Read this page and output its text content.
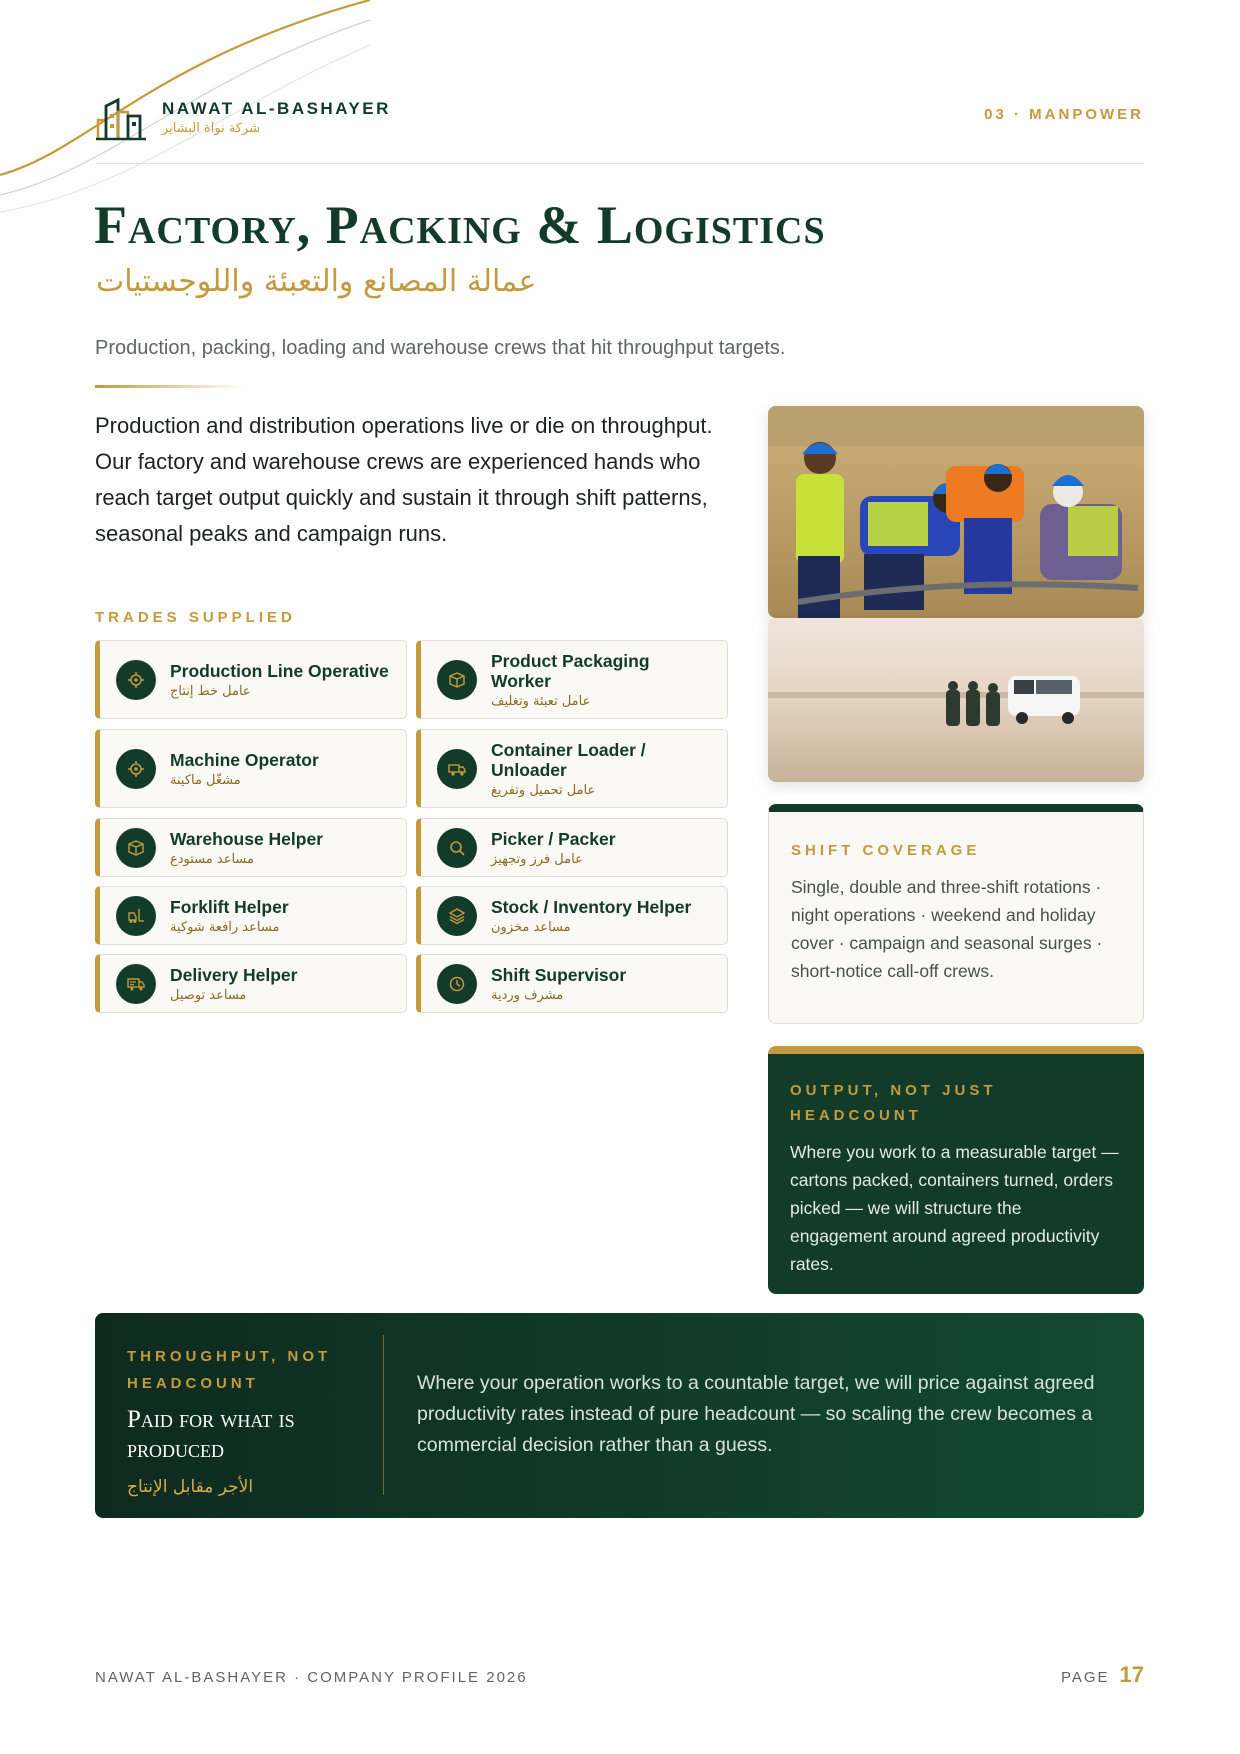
NAWAT AL-BASHAYER
شركة نواة البشاير
03 · MANPOWER
Factory, Packing & Logistics
عمالة المصانع والتعبئة واللوجستيات
Production, packing, loading and warehouse crews that hit throughput targets.

Production and distribution operations live or die on throughput. Our factory and warehouse crews are experienced hands who reach target output quickly and sustain it through shift patterns, seasonal peaks and campaign runs.

TRADES SUPPLIED
Production Line Operative
عامل خط إنتاج
Product Packaging Worker
عامل تعبئة وتغليف
Machine Operator
مشغّل ماكينة
Container Loader / Unloader
عامل تحميل وتفريغ
Warehouse Helper
مساعد مستودع
Picker / Packer
عامل فرز وتجهيز
Forklift Helper
مساعد رافعة شوكية
Stock / Inventory Helper
مساعد مخزون
Delivery Helper
مساعد توصيل
Shift Supervisor
مشرف وردية
SHIFT COVERAGE
Single, double and three-shift rotations · night operations · weekend and holiday cover · campaign and seasonal surges · short-notice call-off crews.
OUTPUT, NOT JUST HEADCOUNT
Where you work to a measurable target — cartons packed, containers turned, orders picked — we will structure the engagement around agreed productivity rates.
THROUGHPUT, NOT HEADCOUNT
Paid for what is produced
الأجر مقابل الإنتاج
Where your operation works to a countable target, we will price against agreed productivity rates instead of pure headcount — so scaling the crew becomes a commercial decision rather than a guess.
NAWAT AL-BASHAYER · COMPANY PROFILE 2026	PAGE 17
